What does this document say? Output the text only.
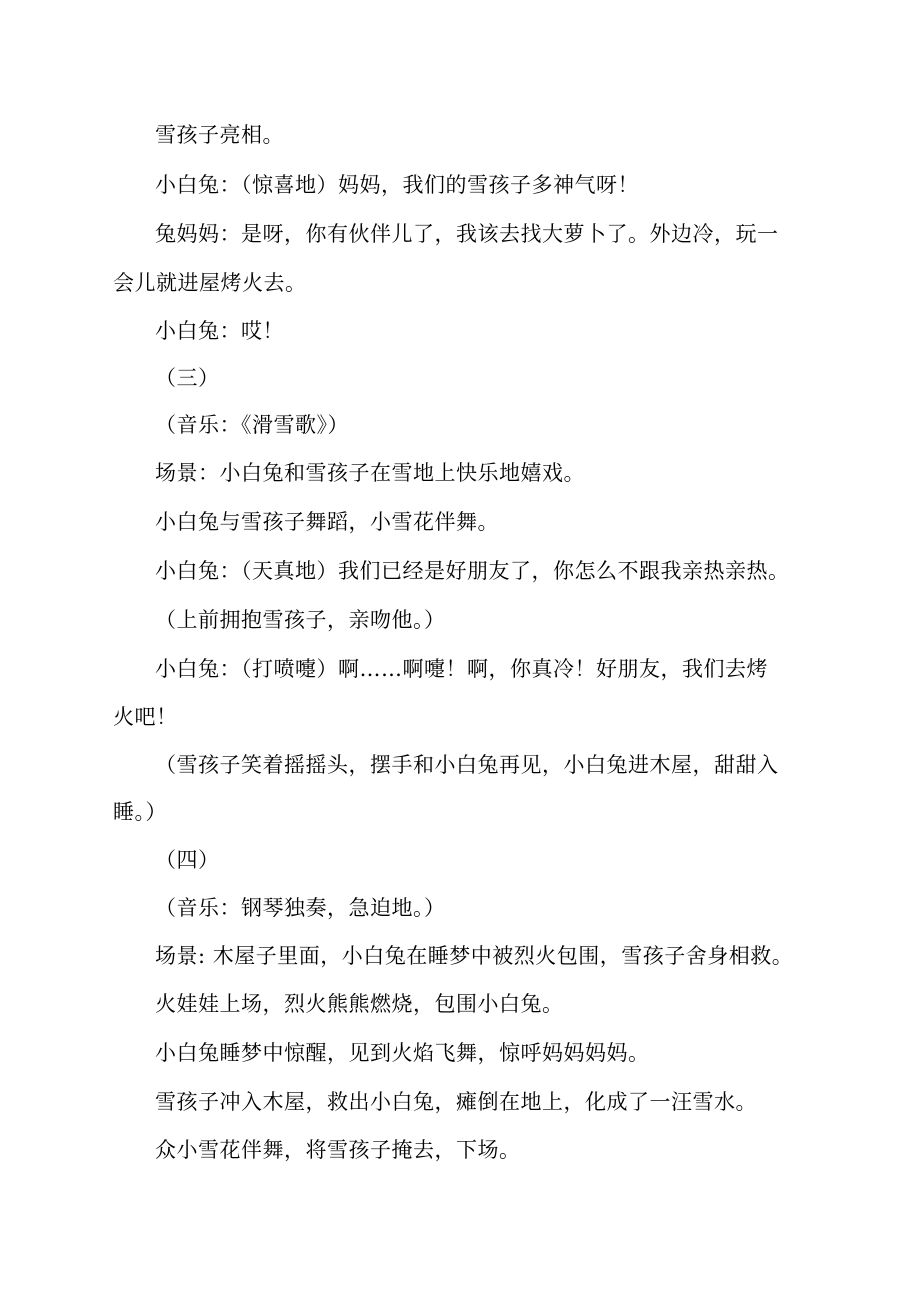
雪孩子亮相。
小白兔：（惊喜地）妈妈，我们的雪孩子多神气呀！
兔妈妈：是呀，你有伙伴儿了，我该去找大萝卜了。外边冷，玩一
会儿就进屋烤火去。
小白兔：哎！
（三）
（音乐：《滑雪歌》）
场景：小白兔和雪孩子在雪地上快乐地嬉戏。
小白兔与雪孩子舞蹈，小雪花伴舞。
小白兔：（天真地）我们已经是好朋友了，你怎么不跟我亲热亲热。
（上前拥抱雪孩子，亲吻他。）
小白兔：（打喷嚏）啊……啊嚏！啊，你真冷！好朋友，我们去烤
火吧！
（雪孩子笑着摇摇头，摆手和小白兔再见，小白兔进木屋，甜甜入
睡。）
（四）
（音乐：钢琴独奏，急迫地。）
场景: 木屋子里面，小白兔在睡梦中被烈火包围，雪孩子舍身相救。
火娃娃上场，烈火熊熊燃烧，包围小白兔。
小白兔睡梦中惊醒，见到火焰飞舞，惊呼妈妈妈妈。
雪孩子冲入木屋，救出小白兔，瘫倒在地上，化成了一汪雪水。
众小雪花伴舞，将雪孩子掩去，下场。
